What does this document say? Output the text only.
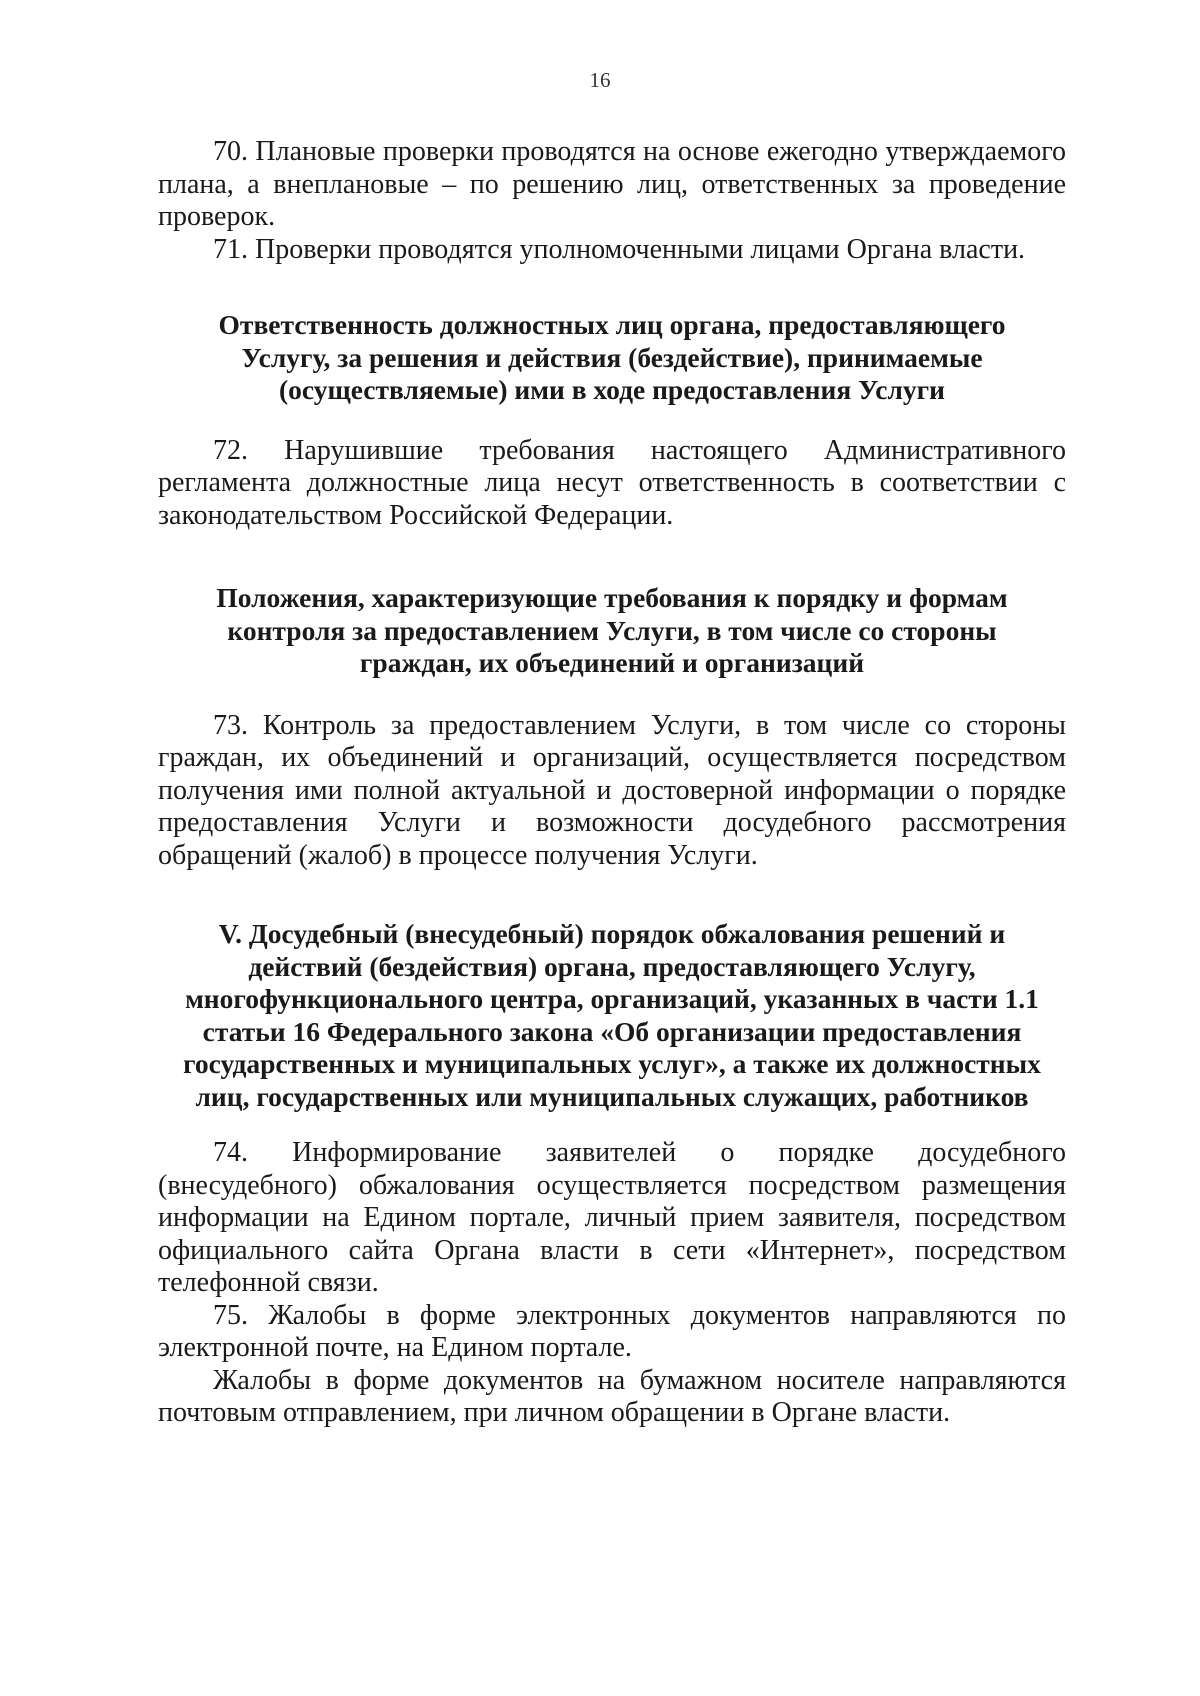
16

70. Плановые проверки проводятся на основе ежегодно утверждаемого плана, а внеплановые – по решению лиц, ответственных за проведение проверок.

71. Проверки проводятся уполномоченными лицами Органа власти.

Ответственность должностных лиц органа, предоставляющего
Услугу, за решения и действия (бездействие), принимаемые
(осуществляемые) ими в ходе предоставления Услуги

72. Нарушившие требования настоящего Административного регламента должностные лица несут ответственность в соответствии с законодательством Российской Федерации.

Положения, характеризующие требования к порядку и формам
контроля за предоставлением Услуги, в том числе со стороны
граждан, их объединений и организаций

73. Контроль за предоставлением Услуги, в том числе со стороны граждан, их объединений и организаций, осуществляется посредством получения ими полной актуальной и достоверной информации о порядке предоставления Услуги и возможности досудебного рассмотрения обращений (жалоб) в процессе получения Услуги.

V. Досудебный (внесудебный) порядок обжалования решений и
действий (бездействия) органа, предоставляющего Услугу,
многофункционального центра, организаций, указанных в части 1.1
статьи 16 Федерального закона «Об организации предоставления
государственных и муниципальных услуг», а также их должностных
лиц, государственных или муниципальных служащих, работников

74. Информирование заявителей о порядке досудебного (внесудебного) обжалования осуществляется посредством размещения информации на Едином портале, личный прием заявителя, посредством официального сайта Органа власти в сети «Интернет», посредством телефонной связи.

75. Жалобы в форме электронных документов направляются по электронной почте, на Едином портале.

Жалобы в форме документов на бумажном носителе направляются почтовым отправлением, при личном обращении в Органе власти.
